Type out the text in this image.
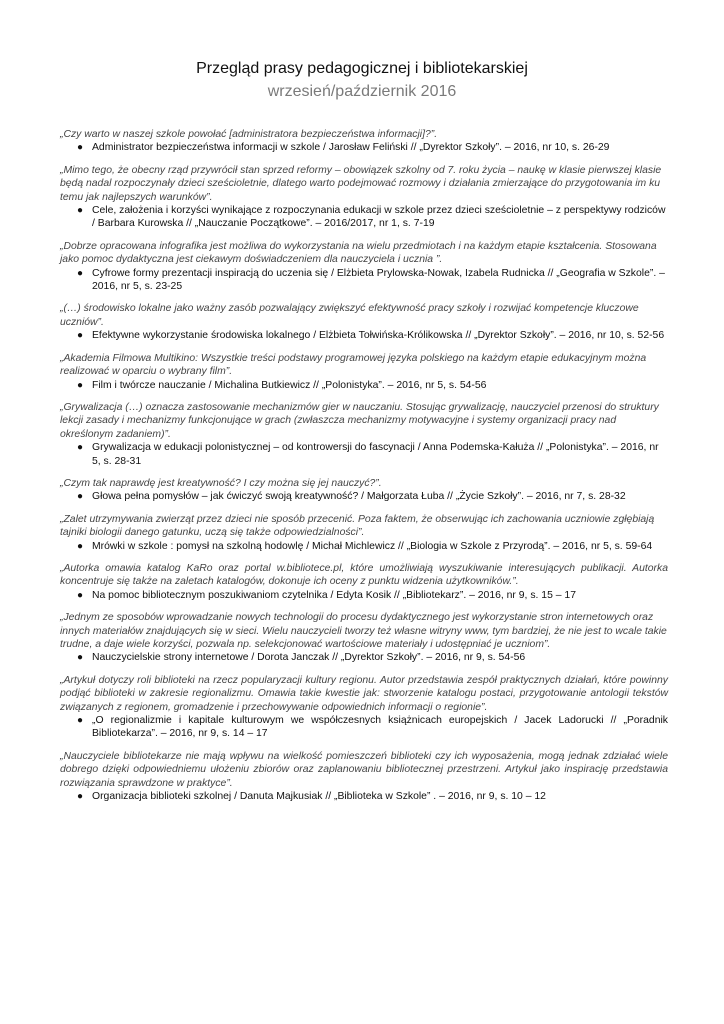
Przegląd prasy pedagogicznej i bibliotekarskiej
wrzesień/październik 2016
„Czy warto w naszej szkole powołać [administratora bezpieczeństwa informacji]?”.
● Administrator bezpieczeństwa informacji w szkole / Jarosław Feliński // „Dyrektor Szkoły”. – 2016, nr 10, s. 26-29
„Mimo tego, że obecny rząd przywrócił stan sprzed reformy – obowiązek szkolny od 7. roku życia – naukę w klasie pierwszej klasie będą nadal rozpoczynały dzieci sześcioletnie, dlatego warto podejmować rozmowy i działania zmierzające do przygotowania im ku temu jak najlepszych warunków”.
● Cele, założenia i korzyści wynikające z rozpoczynania edukacji w szkole przez dzieci sześcioletnie – z perspektywy rodziców / Barbara Kurowska // „Nauczanie Początkowe”. – 2016/2017, nr 1, s. 7-19
„Dobrze opracowana infografika jest możliwa do wykorzystania na wielu przedmiotach i na każdym etapie kształcenia. Stosowana jako pomoc dydaktyczna jest ciekawym doświadczeniem dla nauczyciela i ucznia ”.
● Cyfrowe formy prezentacji inspiracją do uczenia się / Elżbieta Prylowska-Nowak, Izabela Rudnicka // „Geografia w Szkole”. – 2016, nr 5, s. 23-25
„(…) środowisko lokalne jako ważny zasób pozwalający zwiększyć efektywność pracy szkoły i rozwijać kompetencje kluczowe uczniów”.
● Efektywne wykorzystanie środowiska lokalnego / Elżbieta Tołwińska-Królikowska // „Dyrektor Szkoły”. – 2016, nr 10, s. 52-56
„Akademia Filmowa Multikino: Wszystkie treści podstawy programowej języka polskiego na każdym etapie edukacyjnym można realizować w oparciu o wybrany film”.
● Film i twórcze nauczanie / Michalina Butkiewicz // „Polonistyka”. – 2016, nr 5, s. 54-56
„Grywalizacja (…) oznacza zastosowanie mechanizmów gier w nauczaniu. Stosując grywalizację, nauczyciel przenosi do struktury lekcji zasady i mechanizmy funkcjonujące w grach (zwłaszcza mechanizmy motywacyjne i systemy organizacji pracy nad określonym zadaniem)”.
● Grywalizacja w edukacji polonistycznej – od kontrowersji do fascynacji / Anna Podemska-Kałuża // „Polonistyka”. – 2016, nr 5, s. 28-31
„Czym tak naprawdę jest kreatywność? I czy można się jej nauczyć?”.
● Głowa pełna pomysłów – jak ćwiczyć swoją kreatywność? / Małgorzata Łuba // „Życie Szkoły”. – 2016, nr 7, s. 28-32
„Zalet utrzymywania zwierząt przez dzieci nie sposób przecenić. Poza faktem, że obserwując ich zachowania uczniowie zgłębiają tajniki biologii danego gatunku, uczą się także odpowiedzialności”.
● Mrówki w szkole : pomysł na szkolną hodowlę / Michał Michlewicz // „Biologia w Szkole z Przyrodą”. – 2016, nr 5, s. 59-64
„Autorka omawia katalog KaRo oraz portal w.bibliotece.pl, które umożliwiają wyszukiwanie interesujących publikacji. Autorka koncentruje się także na zaletach katalogów, dokonuje ich oceny z punktu widzenia użytkowników.”.
● Na pomoc bibliotecznym poszukiwaniom czytelnika / Edyta Kosik // „Bibliotekarz”. – 2016, nr 9, s. 15 – 17
„Jednym ze sposobów wprowadzanie nowych technologii do procesu dydaktycznego jest wykorzystanie stron internetowych oraz innych materiałów znajdujących się w sieci. Wielu nauczycieli tworzy też własne witryny www, tym bardziej, że nie jest to wcale takie trudne, a daje wiele korzyści, pozwala np. selekcjonować wartościowe materiały i udostępniać je uczniom”.
● Nauczycielskie strony internetowe / Dorota Janczak // „Dyrektor Szkoły”. – 2016, nr 9, s. 54-56
„Artykuł dotyczy roli biblioteki na rzecz popularyzacji kultury regionu. Autor przedstawia zespół praktycznych działań, które powinny podjąć biblioteki w zakresie regionalizmu. Omawia takie kwestie jak: stworzenie katalogu postaci, przygotowanie antologii tekstów związanych z regionem, gromadzenie i przechowywanie odpowiednich informacji o regionie”.
● „O regionalizmie i kapitale kulturowym we współczesnych książnicach europejskich / Jacek Ladorucki // „Poradnik Bibliotekarza”. – 2016, nr 9, s. 14 – 17
„Nauczyciele bibliotekarze nie mają wpływu na wielkość pomieszczeń biblioteki czy ich wyposażenia, mogą jednak zdziałać wiele dobrego dzięki odpowiedniemu ułożeniu zbiorów oraz zaplanowaniu bibliotecznej przestrzeni. Artykuł jako inspirację przedstawia rozwiązania sprawdzone w praktyce”.
● Organizacja biblioteki szkolnej / Danuta Majkusiak // „Biblioteka w Szkole” . – 2016, nr 9, s. 10 – 12
